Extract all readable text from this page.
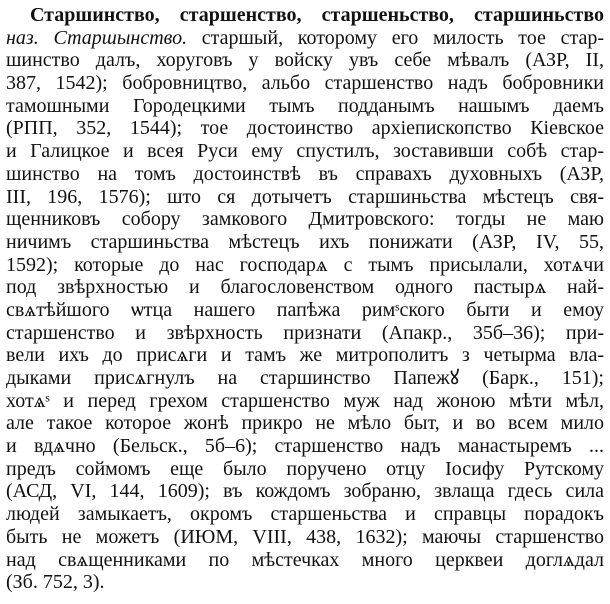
Старшинство, старшенство, старшеньство, старшиньство
наз. Старшынство. старшый, которому его милость тое стар-
шинство далъ, хоруговъ у войску увъ себе мѣвалъ (АЗР, II,
387, 1542); бобровництво, альбо старшенство надъ бобровники
тамошными Городецкими тымъ подданымъ нашымъ даемъ
(РПП, 352, 1544); тое достоинство архіепископство Кіевское
и Галицкое и всея Руси ему спустилъ, зоставивши собѣ стар-
шинство на томъ достоинствѣ въ справахъ духовныхъ (АЗР,
III, 196, 1576); што ся дотычетъ старшиньства мѣстецъ свя-
щенниковъ собору замкового Дмитровского: тогды не маю
ничимъ старшиньства мѣстецъ ихъ понижати (АЗР, IV, 55,
1592); которые до нас господарѧ с тымъ присылали, хотѧчи
под звѣрхностью и благословенством одного пастырѧ най-
свѧтѣйшого ѡтца нашего папѣжа римˢского быти и емоу
старшенство и звѣрхность признати (Апакр., 35б–36); при-
вели ихъ до присѧги и тамъ же митрополитъ з четырма вла-
дыками присѧгнулъ на старшинство Папежꙋ (Барк., 151);
хотѧˢ и перед грехом старшенство муж над жоною мѣти мѣл,
але такое которое жонѣ прикро не мѣло быт, и во всем мило
и вдѧчно (Бельск., 5б–6); старшенство надъ манастыремъ ...
предъ соймомъ еще было поручено отцу Іосифу Рутскому
(АСД, VI, 144, 1609); въ кождомъ зобраню, звлаща гдесь сила
людей замыкаетъ, окромъ старшеньства и справцы порадокъ
быть не можетъ (ИЮМ, VIII, 438, 1632); маючы старшенство
над свѧщенниками по мѣстечках много церквеи доглѧдал
(Зб. 752, 3).
